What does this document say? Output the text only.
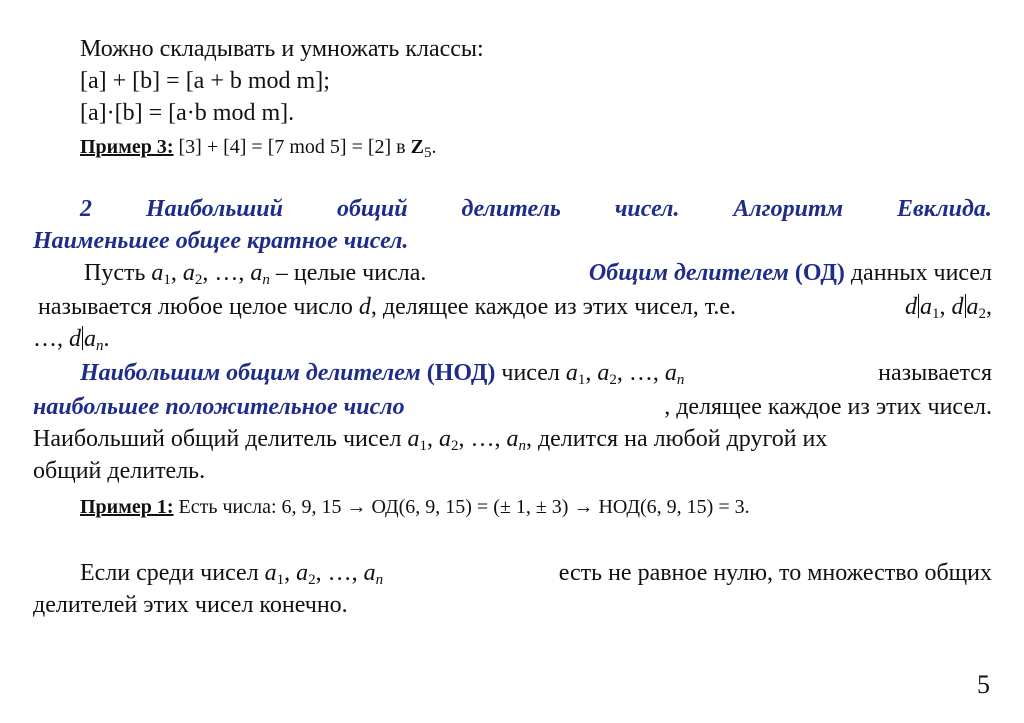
Можно складывать и умножать классы:
[a] + [b] = [a + b mod m];
[a]·[b] = [a·b mod m].
Пример 3: [3] + [4] = [7 mod 5] = [2] в $Z_5$.
2 Наибольший общий делитель чисел. Алгоритм Евклида.
Наименьшее общее кратное чисел.
Пусть $a_1$, $a_2$, …, $a_n$ – целые числа.	Общим делителем (ОД) данных чисел
называется любое целое число d, делящее каждое из этих чисел, т.е.	d $a_1$, d $a_2$,
…, d $a_n$.
Наибольшим общим делителем (НОД) чисел $a_1$, $a_2$, …, $a_n$	называется
наибольшее положительное число	, делящее каждое из этих чисел.
Наибольший общий делитель чисел $a_1$, $a_2$, …, $a_n$, делится на любой другой их
общий делитель.
Пример 1: Есть числа: 6, 9, 15 → ОД(6, 9, 15) = (± 1, ± 3) → НОД(6, 9, 15) = 3.
Если среди чисел $a_1$, $a_2$, …, $a_n$	есть не равное нулю, то множество общих
делителей этих чисел конечно.
5
